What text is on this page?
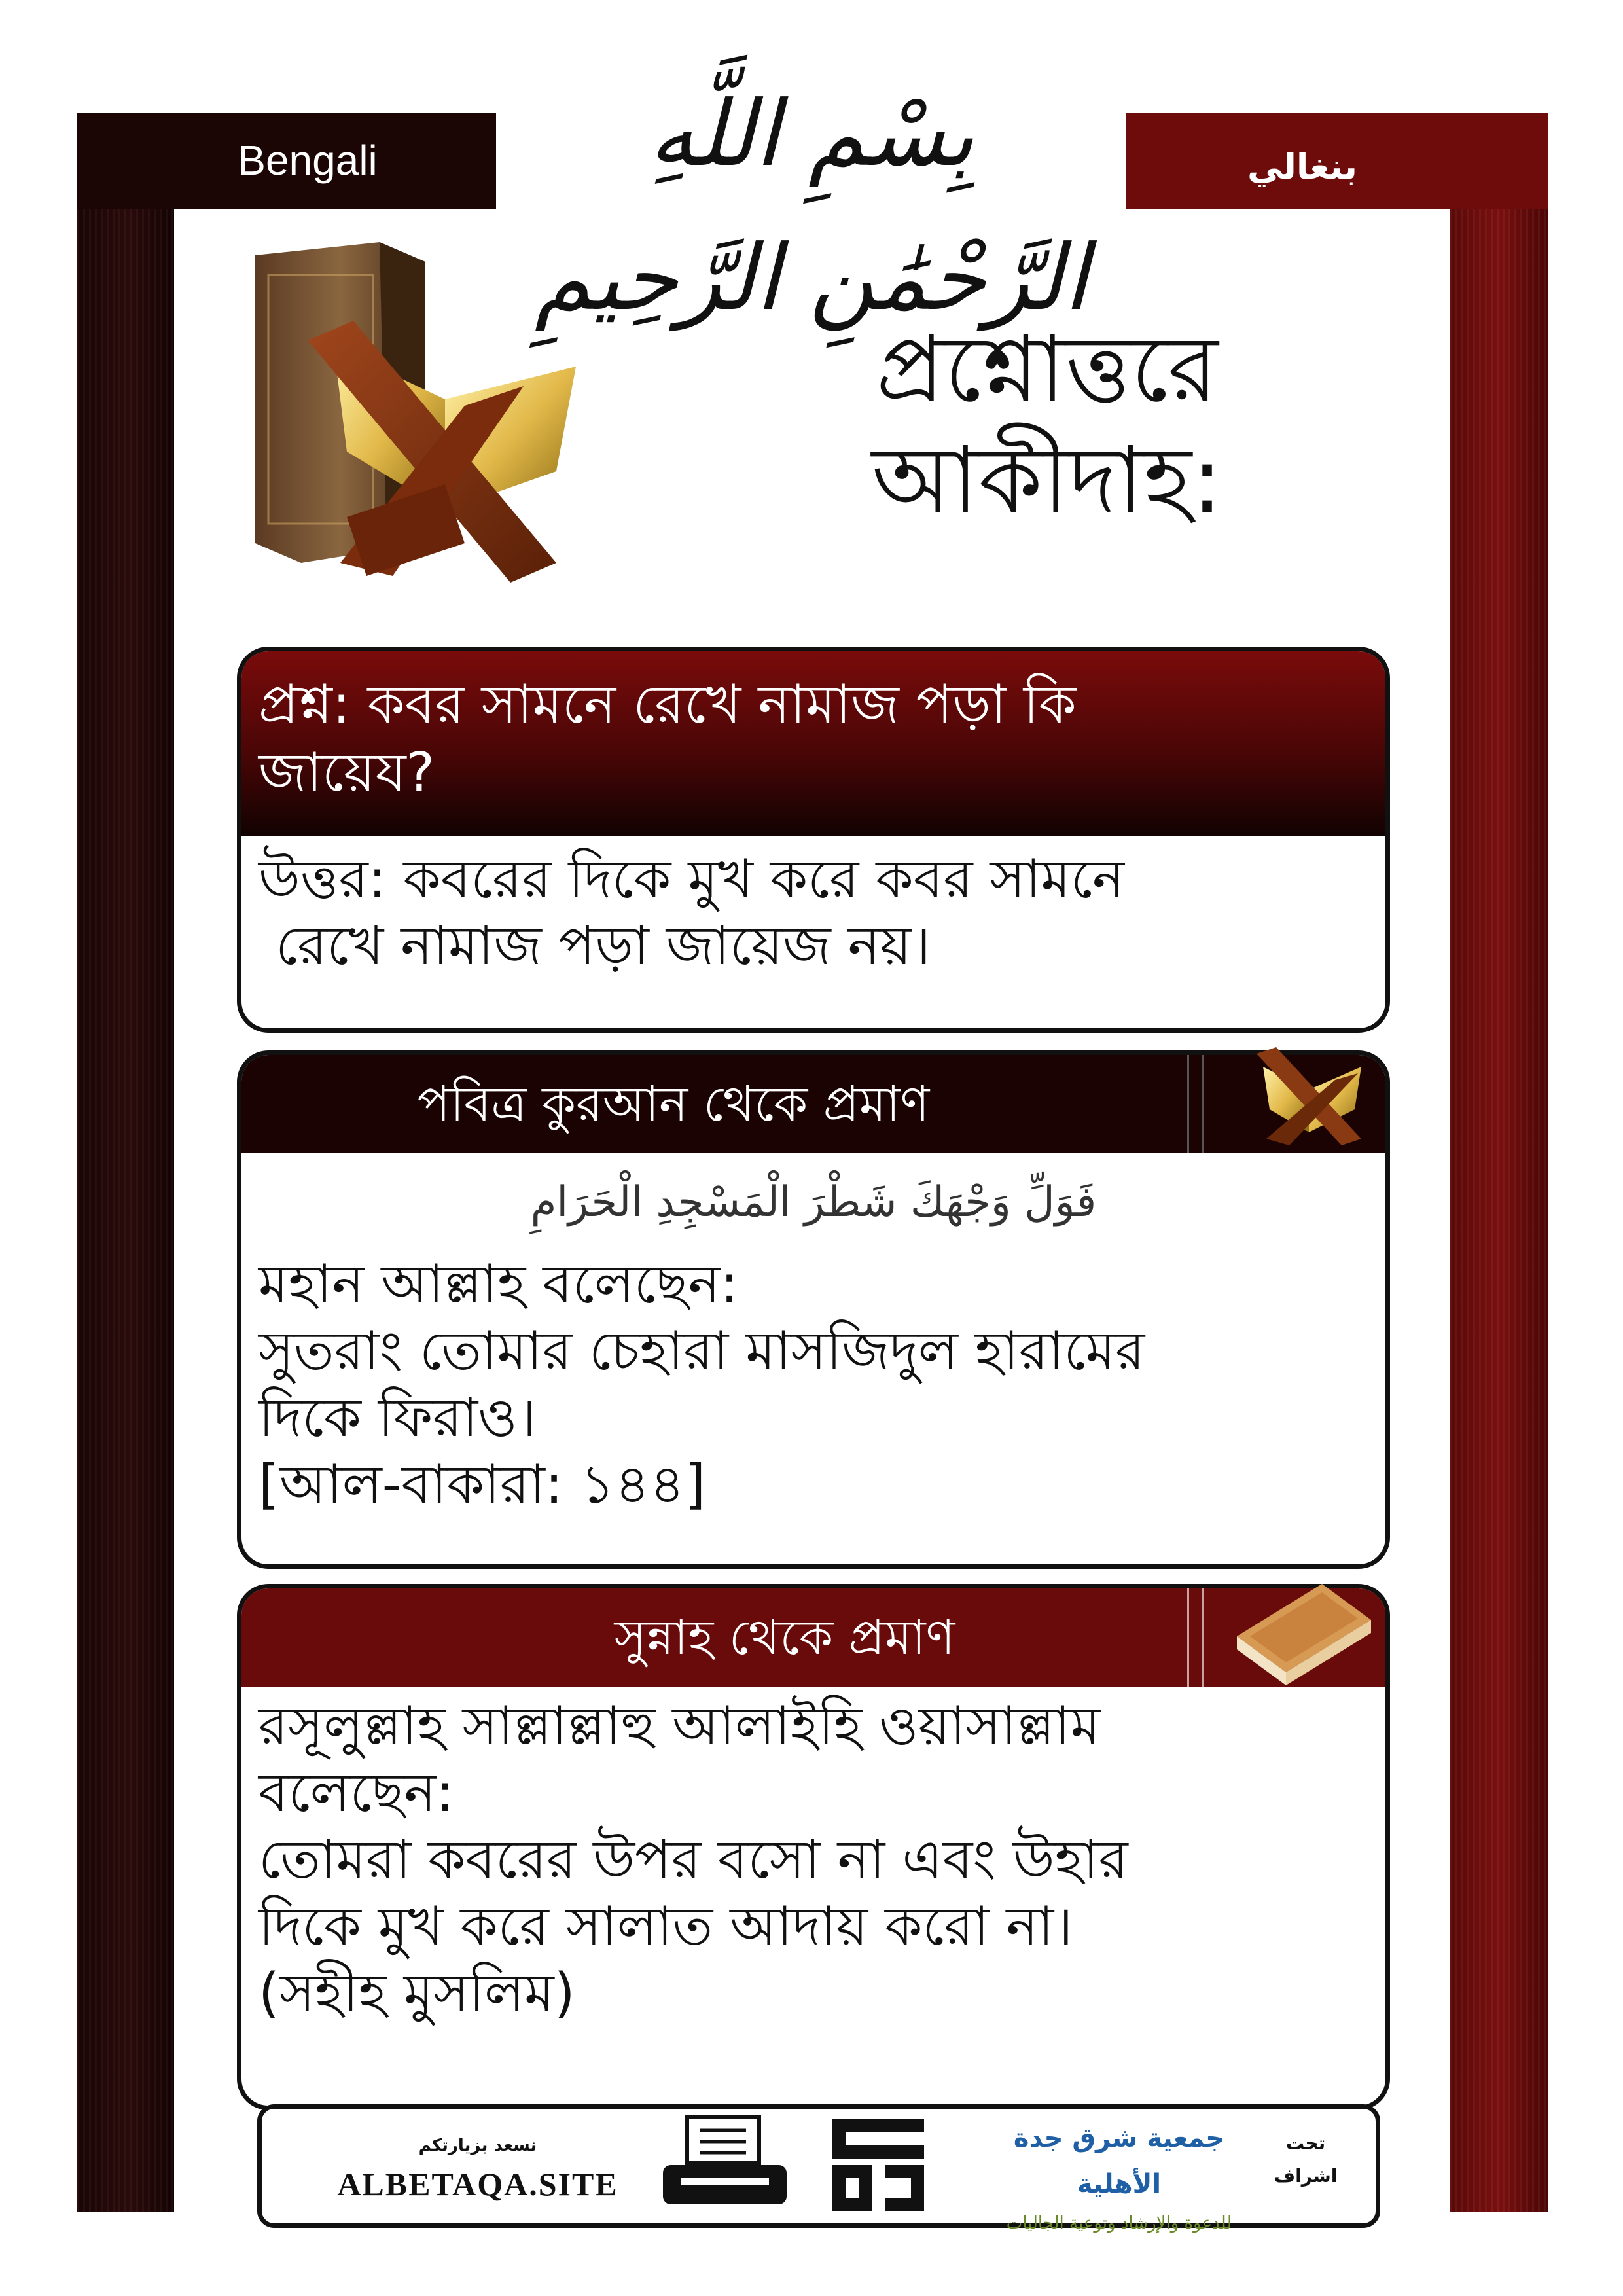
Bengali	بنغالي
بِسْمِ اللَّهِ الرَّحْمَٰنِ الرَّحِيمِ
প্রশ্নোত্তরে
আকীদাহ:
প্রশ্ন: কবর সামনে রেখে নামাজ পড়া কি
জায়েয?
উত্তর: কবরের দিকে মুখ করে কবর সামনে
রেখে নামাজ পড়া জায়েজ নয়।
পবিত্র কুরআন থেকে প্রমাণ
فَوَلِّ وَجْهَكَ شَطْرَ الْمَسْجِدِ الْحَرَامِ
মহান আল্লাহ বলেছেন:
সুতরাং তোমার চেহারা মাসজিদুল হারামের
দিকে ফিরাও।
[আল-বাকারা: ১৪৪]
সুন্নাহ থেকে প্রমাণ
রসূলুল্লাহ সাল্লাল্লাহু আলাইহি ওয়াসাল্লাম
বলেছেন:
তোমরা কবরের উপর বসো না এবং উহার
দিকে মুখ করে সালাত আদায় করো না।
(সহীহ মুসলিম)
نسعد بزيارتكم
ALBETAQA.SITE
جمعية شرق جدة الأهلية
للدعوة والإرشاد وتوعية الجاليات
تحت
اشراف
